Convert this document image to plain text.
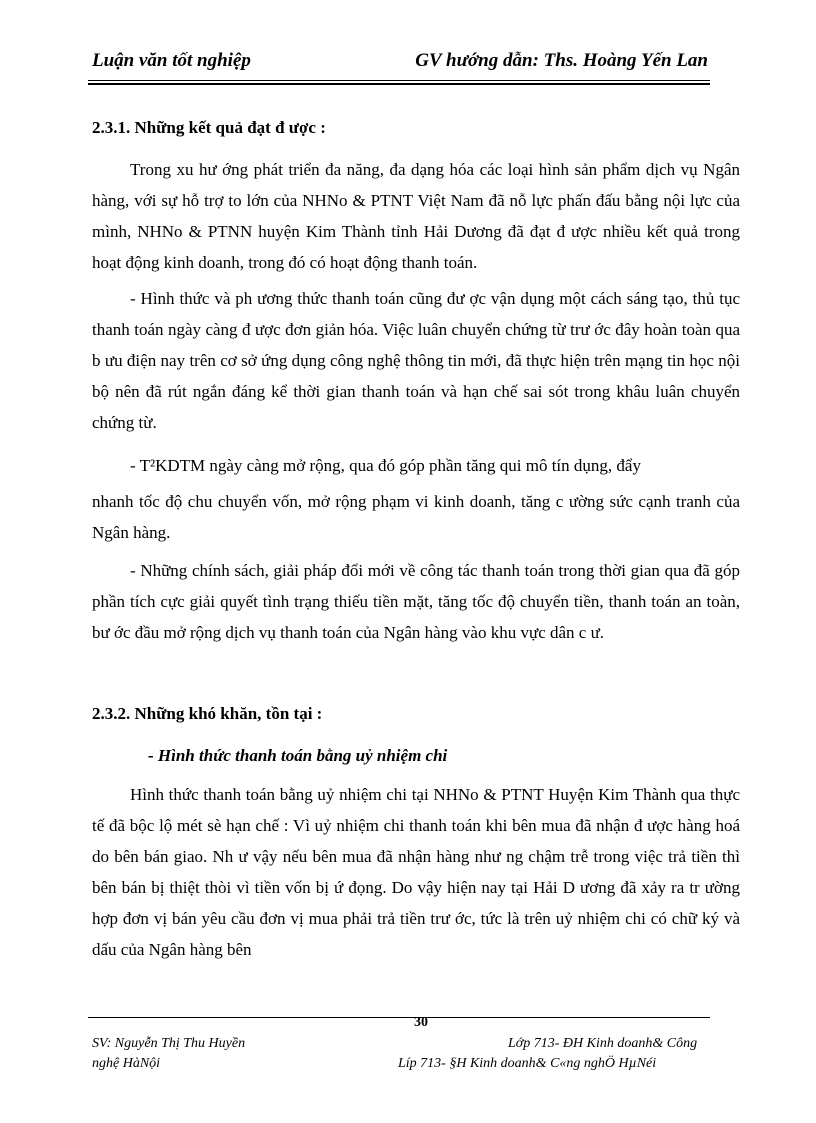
Luận văn tốt nghiệp	GV hướng dẫn: Ths. Hoàng Yến Lan
2.3.1. Những kết quả đạt đ ược :

Trong xu hư ớng phát triển đa năng, đa dạng hóa các loại hình sản phẩm dịch vụ Ngân hàng, với sự hỗ trợ to lớn của NHNo & PTNT Việt Nam đã nỗ lực phấn đấu bằng nội lực của mình, NHNo & PTNN huyện Kim Thành tỉnh Hải Dương đã đạt đ ược nhiều kết quả trong hoạt động kinh doanh, trong đó có hoạt động thanh toán.

- Hình thức và ph ương thức thanh toán cũng đư ợc vận dụng một cách sáng tạo, thủ tục thanh toán ngày càng đ ược đơn giản hóa. Việc luân chuyển chứng từ trư ớc đây hoàn toàn qua b ưu điện nay trên cơ sở ứng dụng công nghệ thông tin mới, đã thực hiện trên mạng tin học nội bộ nên đã rút ngắn đáng kể thời gian thanh toán và hạn chế sai sót trong khâu luân chuyển chứng từ.

- T²KDTM ngày càng mở rộng, qua đó góp phần tăng qui mô tín dụng, đẩy

nhanh tốc độ chu chuyển vốn, mở rộng phạm vi kinh doanh, tăng c ường sức cạnh tranh của Ngân hàng.

- Những chính sách, giải pháp đổi mới về công tác thanh toán trong thời gian qua đã góp phần tích cực giải quyết tình trạng thiếu tiền mặt, tăng tốc độ chuyển tiền, thanh toán an toàn, bư ớc đầu mở rộng dịch vụ thanh toán của Ngân hàng vào khu vực dân c ư.

2.3.2. Những khó khăn, tồn tại :
- Hình thức thanh toán bằng uỷ nhiệm chi

Hình thức thanh toán bằng uỷ nhiệm chi tại NHNo & PTNT Huyện Kim Thành qua thực tế đã bộc lộ mét sè hạn chế : Vì uỷ nhiệm chi thanh toán khi bên mua đã nhận đ ược hàng hoá do bên bán giao. Nh ư vậy nếu bên mua đã nhận hàng như ng chậm trễ trong việc trả tiền thì bên bán bị thiệt thòi vì tiền vốn bị ứ đọng. Do vậy hiện nay tại Hải D ương đã xảy ra tr ường hợp đơn vị bán yêu cầu đơn vị mua phải trả tiền trư ớc, tức là trên uỷ nhiệm chi có chữ ký và dấu của Ngân hàng bên

30
SV: Nguyễn Thị Thu Huyền	Lớp 713- ĐH Kinh doanh& Công
nghệ HàNội	Líp 713- §H Kinh doanh& C«ng nghÖ HµNéi
